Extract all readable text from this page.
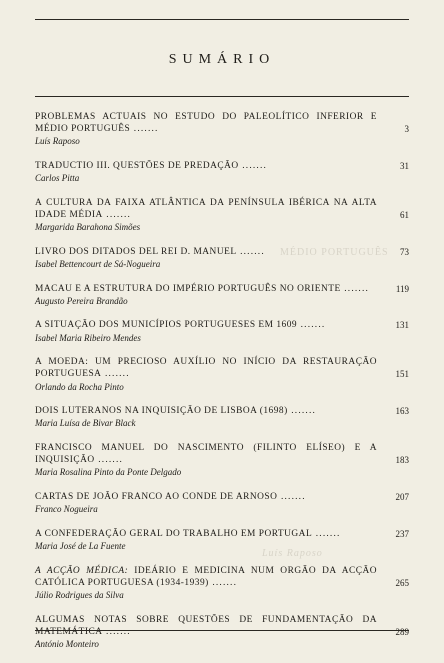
SUMÁRIO
MÉDIO PORTUGUÊS
Luís Raposo
PROBLEMAS ACTUAIS NO ESTUDO DO PALEOLÍTICO INFERIOR E MÉDIO PORTUGUÊS .......
Luís Raposo
3
TRADUCTIO III. QUESTÕES DE PREDAÇÃO .......
Carlos Pitta
31
A CULTURA DA FAIXA ATLÂNTICA DA PENÍNSULA IBÉRICA NA ALTA IDADE MÉDIA .......
Margarida Barahona Simões
61
LIVRO DOS DITADOS DEL REI D. MANUEL .......
Isabel Bettencourt de Sá-Nogueira
73
MACAU E A ESTRUTURA DO IMPÉRIO PORTUGUÊS NO ORIENTE .......
Augusto Pereira Brandão
119
A SITUAÇÃO DOS MUNICÍPIOS PORTUGUESES EM 1609 .......
Isabel Maria Ribeiro Mendes
131
A MOEDA: UM PRECIOSO AUXÍLIO NO INÍCIO DA RESTAURAÇÃO PORTUGUESA .......
Orlando da Rocha Pinto
151
DOIS LUTERANOS NA INQUISIÇÃO DE LISBOA (1698) .......
Maria Luísa de Bivar Black
163
FRANCISCO MANUEL DO NASCIMENTO (FILINTO ELÍSEO) E A INQUISIÇÃO .......
Maria Rosalina Pinto da Ponte Delgado
183
CARTAS DE JOÃO FRANCO AO CONDE DE ARNOSO .......
Franco Nogueira
207
A CONFEDERAÇÃO GERAL DO TRABALHO EM PORTUGAL .......
Maria José de La Fuente
237
A ACÇÃO MÉDICA: IDEÁRIO E MEDICINA NUM ORGÃO DA ACÇÃO CATÓLICA PORTUGUESA (1934-1939) .......
Júlio Rodrigues da Silva
265
ALGUMAS NOTAS SOBRE QUESTÕES DE FUNDAMENTAÇÃO DA MATEMÁTICA .......
António Monteiro
289
